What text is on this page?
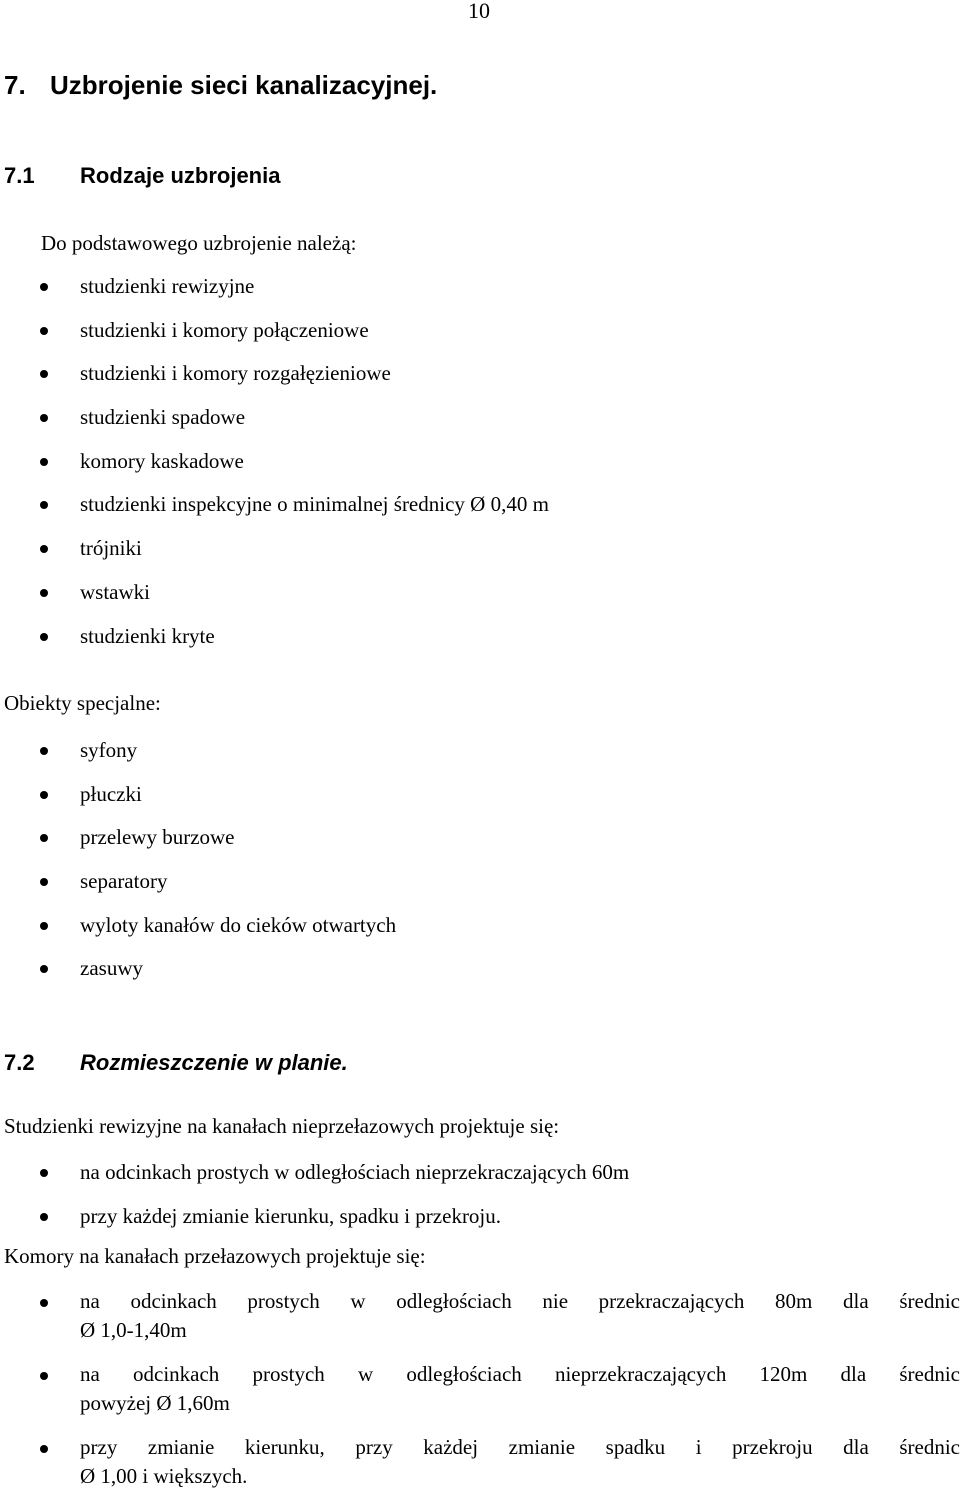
10
7. Uzbrojenie sieci kanalizacyjnej.
7.1 Rodzaje uzbrojenia

Do podstawowego uzbrojenie należą:

studzienki rewizyjne
studzienki i komory połączeniowe
studzienki i komory rozgałęzieniowe
studzienki spadowe
komory kaskadowe
studzienki inspekcyjne o minimalnej średnicy Ø 0,40 m
trójniki
wstawki
studzienki kryte

Obiekty specjalne:

syfony
płuczki
przelewy burzowe
separatory
wyloty kanałów do cieków otwartych
zasuwy
7.2 Rozmieszczenie w planie.

Studzienki rewizyjne na kanałach nieprzełazowych projektuje się:

na odcinkach prostych w odległościach nieprzekraczających 60m
przy każdej zmianie kierunku, spadku i przekroju.

Komory na kanałach przełazowych projektuje się:

na odcinkach prostych w odległościach nie przekraczających 80m dla średnic
Ø 1,0-1,40m
na odcinkach prostych w odległościach nieprzekraczających 120m dla średnic
powyżej Ø 1,60m
przy zmianie kierunku, przy każdej zmianie spadku i przekroju dla średnic
Ø 1,00 i większych.
